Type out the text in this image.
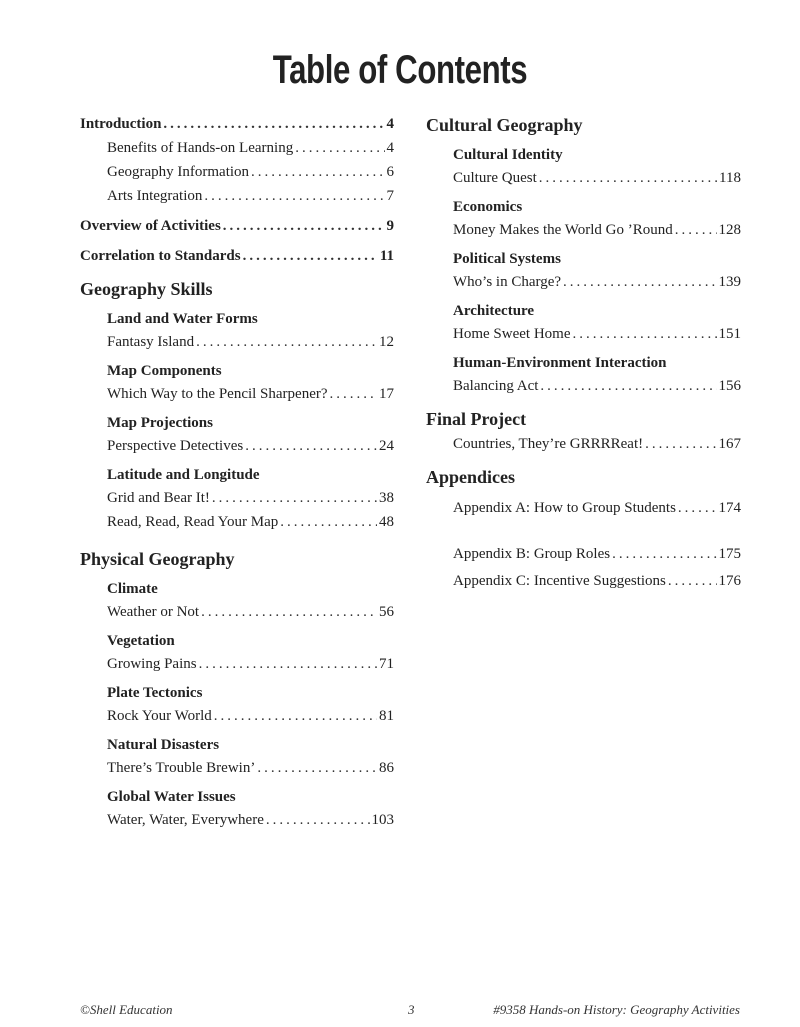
Table of Contents
Introduction .....	4
Benefits of Hands-on Learning .....	4
Geography Information .....	6
Arts Integration .....	7
Overview of Activities .....	9
Correlation to Standards .....	11
Geography Skills
Land and Water Forms
Fantasy Island .....	12
Map Components
Which Way to the Pencil Sharpener? .....	17
Map Projections
Perspective Detectives .....	24
Latitude and Longitude
Grid and Bear It! .....	38
Read, Read, Read Your Map .....	48
Physical Geography
Climate
Weather or Not .....	56
Vegetation
Growing Pains .....	71
Plate Tectonics
Rock Your World .....	81
Natural Disasters
There’s Trouble Brewin’ .....	86
Global Water Issues
Water, Water, Everywhere .....	103
Cultural Geography
Cultural Identity
Culture Quest .....	118
Economics
Money Makes the World Go ’Round .....	128
Political Systems
Who’s in Charge? .....	139
Architecture
Home Sweet Home .....	151
Human-Environment Interaction
Balancing Act .....	156
Final Project
Countries, They’re GRRRReat! .....	167
Appendices
Appendix A: How to Group Students .....	174
Appendix B: Group Roles .....	175
Appendix C: Incentive Suggestions .....	176
©Shell Education	3	#9358 Hands-on History: Geography Activities
